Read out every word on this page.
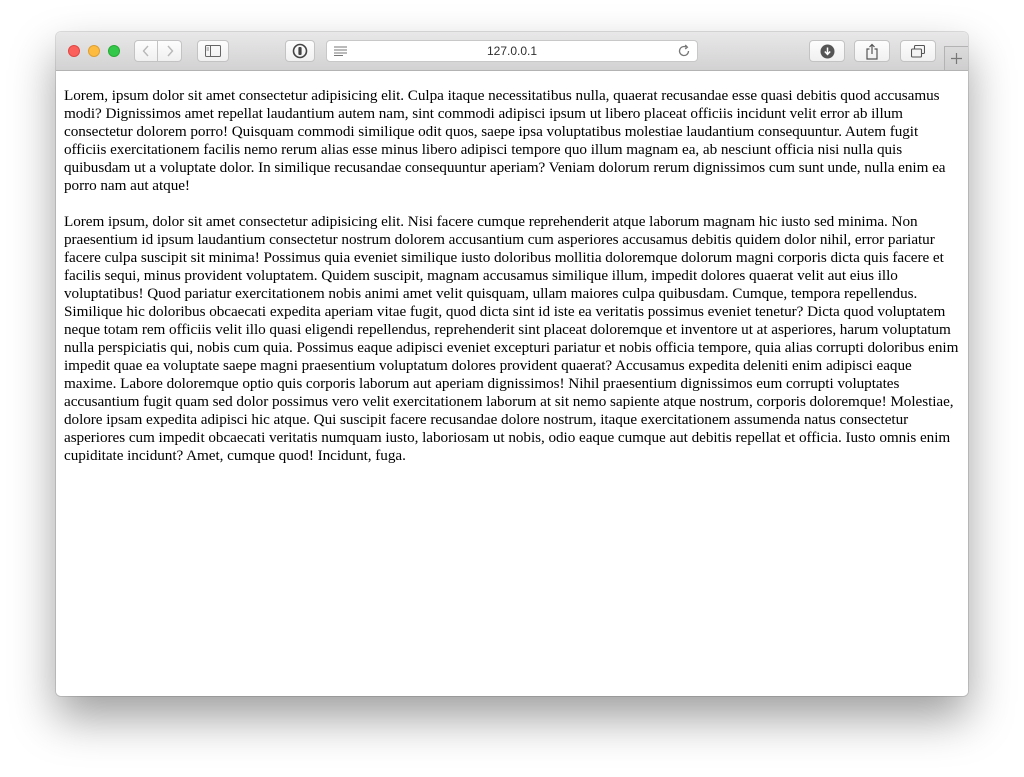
127.0.0.1

Lorem, ipsum dolor sit amet consectetur adipisicing elit. Culpa itaque necessitatibus nulla, quaerat recusandae esse quasi debitis quod accusamus modi? Dignissimos amet repellat laudantium autem nam, sint commodi adipisci ipsum ut libero placeat officiis incidunt velit error ab illum consectetur dolorem porro! Quisquam commodi similique odit quos, saepe ipsa voluptatibus molestiae laudantium consequuntur. Autem fugit officiis exercitationem facilis nemo rerum alias esse minus libero adipisci tempore quo illum magnam ea, ab nesciunt officia nisi nulla quis quibusdam ut a voluptate dolor. In similique recusandae consequuntur aperiam? Veniam dolorum rerum dignissimos cum sunt unde, nulla enim ea porro nam aut atque!

Lorem ipsum, dolor sit amet consectetur adipisicing elit. Nisi facere cumque reprehenderit atque laborum magnam hic iusto sed minima. Non praesentium id ipsum laudantium consectetur nostrum dolorem accusantium cum asperiores accusamus debitis quidem dolor nihil, error pariatur facere culpa suscipit sit minima! Possimus quia eveniet similique iusto doloribus mollitia doloremque dolorum magni corporis dicta quis facere et facilis sequi, minus provident voluptatem. Quidem suscipit, magnam accusamus similique illum, impedit dolores quaerat velit aut eius illo voluptatibus! Quod pariatur exercitationem nobis animi amet velit quisquam, ullam maiores culpa quibusdam. Cumque, tempora repellendus. Similique hic doloribus obcaecati expedita aperiam vitae fugit, quod dicta sint id iste ea veritatis possimus eveniet tenetur? Dicta quod voluptatem neque totam rem officiis velit illo quasi eligendi repellendus, reprehenderit sint placeat doloremque et inventore ut at asperiores, harum voluptatum nulla perspiciatis qui, nobis cum quia. Possimus eaque adipisci eveniet excepturi pariatur et nobis officia tempore, quia alias corrupti doloribus enim impedit quae ea voluptate saepe magni praesentium voluptatum dolores provident quaerat? Accusamus expedita deleniti enim adipisci eaque maxime. Labore doloremque optio quis corporis laborum aut aperiam dignissimos! Nihil praesentium dignissimos eum corrupti voluptates accusantium fugit quam sed dolor possimus vero velit exercitationem laborum at sit nemo sapiente atque nostrum, corporis doloremque! Molestiae, dolore ipsam expedita adipisci hic atque. Qui suscipit facere recusandae dolore nostrum, itaque exercitationem assumenda natus consectetur asperiores cum impedit obcaecati veritatis numquam iusto, laboriosam ut nobis, odio eaque cumque aut debitis repellat et officia. Iusto omnis enim cupiditate incidunt? Amet, cumque quod! Incidunt, fuga.
